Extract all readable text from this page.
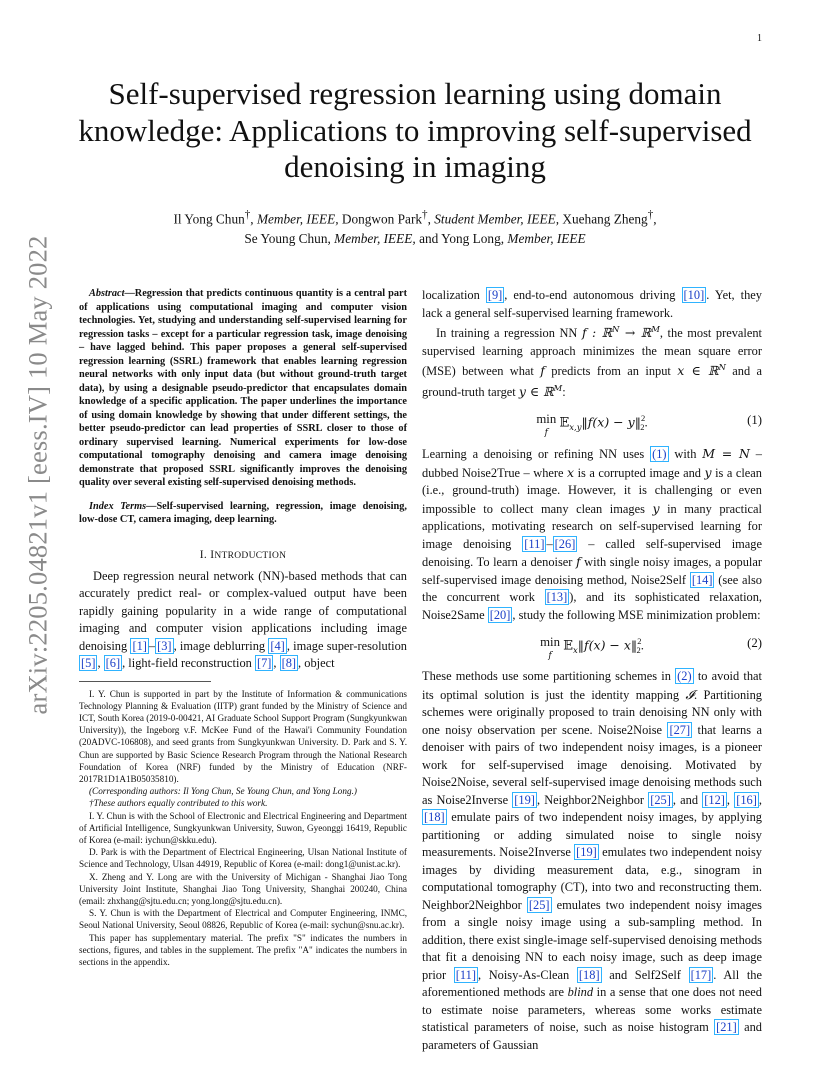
1
arXiv:2205.04821v1 [eess.IV] 10 May 2022
Self-supervised regression learning using domain knowledge: Applications to improving self-supervised denoising in imaging
Il Yong Chun†, Member, IEEE, Dongwon Park†, Student Member, IEEE, Xuehang Zheng†,
Se Young Chun, Member, IEEE, and Yong Long, Member, IEEE

Abstract—Regression that predicts continuous quantity is a central part of applications using computational imaging and computer vision technologies. Yet, studying and understanding self-supervised learning for regression tasks – except for a particular regression task, image denoising – have lagged behind. This paper proposes a general self-supervised regression learning (SSRL) framework that enables learning regression neural networks with only input data (but without ground-truth target data), by using a designable pseudo-predictor that encapsulates domain knowledge of a specific application. The paper underlines the importance of using domain knowledge by showing that under different settings, the better pseudo-predictor can lead properties of SSRL closer to those of ordinary supervised learning. Numerical experiments for low-dose computational tomography denoising and camera image denoising demonstrate that proposed SSRL significantly improves the denoising quality over several existing self-supervised denoising methods.

Index Terms—Self-supervised learning, regression, image denoising, low-dose CT, camera imaging, deep learning.

I. INTRODUCTION

Deep regression neural network (NN)-based methods that can accurately predict real- or complex-valued output have been rapidly gaining popularity in a wide range of computational imaging and computer vision applications including image denoising [1] – [3] , image deblurring [4] , image super-resolution [5] , [6] , light-field reconstruction [7] , [8] , object

I. Y. Chun is supported in part by the Institute of Information & communications Technology Planning & Evaluation (IITP) grant funded by the Ministry of Science and ICT, South Korea (2019-0-00421, AI Graduate School Support Program (Sungkyunkwan University)), the Ingeborg v.F. McKee Fund of the Hawai'i Community Foundation (20ADVC-106808), and seed grants from Sungkyunkwan University. D. Park and S. Y. Chun are supported by Basic Science Research Program through the National Research Foundation of Korea (NRF) funded by the Ministry of Education (NRF-2017R1D1A1B05035810).

(Corresponding authors: Il Yong Chun, Se Young Chun, and Yong Long.)

†These authors equally contributed to this work.

I. Y. Chun is with the School of Electronic and Electrical Engineering and Department of Artificial Intelligence, Sungkyunkwan University, Suwon, Gyeonggi 16419, Republic of Korea (e-mail: iychun@skku.edu).

D. Park is with the Department of Electrical Engineering, Ulsan National Institute of Science and Technology, Ulsan 44919, Republic of Korea (e-mail: dong1@unist.ac.kr).

X. Zheng and Y. Long are with the University of Michigan - Shanghai Jiao Tong University Joint Institute, Shanghai Jiao Tong University, Shanghai 200240, China (email: zhxhang@sjtu.edu.cn; yong.long@sjtu.edu.cn).

S. Y. Chun is with the Department of Electrical and Computer Engineering, INMC, Seoul National University, Seoul 08826, Republic of Korea (e-mail: sychun@snu.ac.kr).

This paper has supplementary material. The prefix "S" indicates the numbers in sections, figures, and tables in the supplement. The prefix "A" indicates the numbers in sections in the appendix.

localization [9] , end-to-end autonomous driving [10] . Yet, they lack a general self-supervised learning framework.

In training a regression NN f : ℝ$^N$ → ℝ$^M$, the most prevalent supervised learning approach minimizes the mean square error (MSE) between what f predicts from an input x ∈ ℝ$^N$ and a ground-truth target y ∈ ℝ$^M$:

min
f 𝔼$_{x,y}$‖f(x) − y‖$^2_2$.	(1)

Learning a denoising or refining NN uses (1) with M = N – dubbed Noise2True – where x is a corrupted image and y is a clean (i.e., ground-truth) image. However, it is challenging or even impossible to collect many clean images y in many practical applications, motivating research on self-supervised learning for image denoising [11] – [26] – called self-supervised image denoising. To learn a denoiser f with single noisy images, a popular self-supervised image denoising method, Noise2Self [14] (see also the concurrent work [13] ), and its sophisticated relaxation, Noise2Same [20] , study the following MSE minimization problem:

min
f 𝔼$_x$‖f(x) − x‖$^2_2$.	(2)

These methods use some partitioning schemes in (2) to avoid that its optimal solution is just the identity mapping 𝓘. Partitioning schemes were originally proposed to train denoising NN only with one noisy observation per scene. Noise2Noise [27] that learns a denoiser with pairs of two independent noisy images, is a pioneer work for self-supervised image denoising. Motivated by Noise2Noise, several self-supervised image denoising methods such as Noise2Inverse [19] , Neighbor2Neighbor [25] , and [12] , [16] , [18] emulate pairs of two independent noisy images, by applying partitioning or adding simulated noise to single noisy measurements. Noise2Inverse [19] emulates two independent noisy images by dividing measurement data, e.g., sinogram in computational tomography (CT), into two and reconstructing them. Neighbor2Neighbor [25] emulates two independent noisy images from a single noisy image using a sub-sampling method. In addition, there exist single-image self-supervised denoising methods that fit a denoising NN to each noisy image, such as deep image prior [11] , Noisy-As-Clean [18] and Self2Self [17] . All the aforementioned methods are blind in a sense that one does not need to estimate noise parameters, whereas some works estimate statistical parameters of noise, such as noise histogram [21] and parameters of Gaussian
